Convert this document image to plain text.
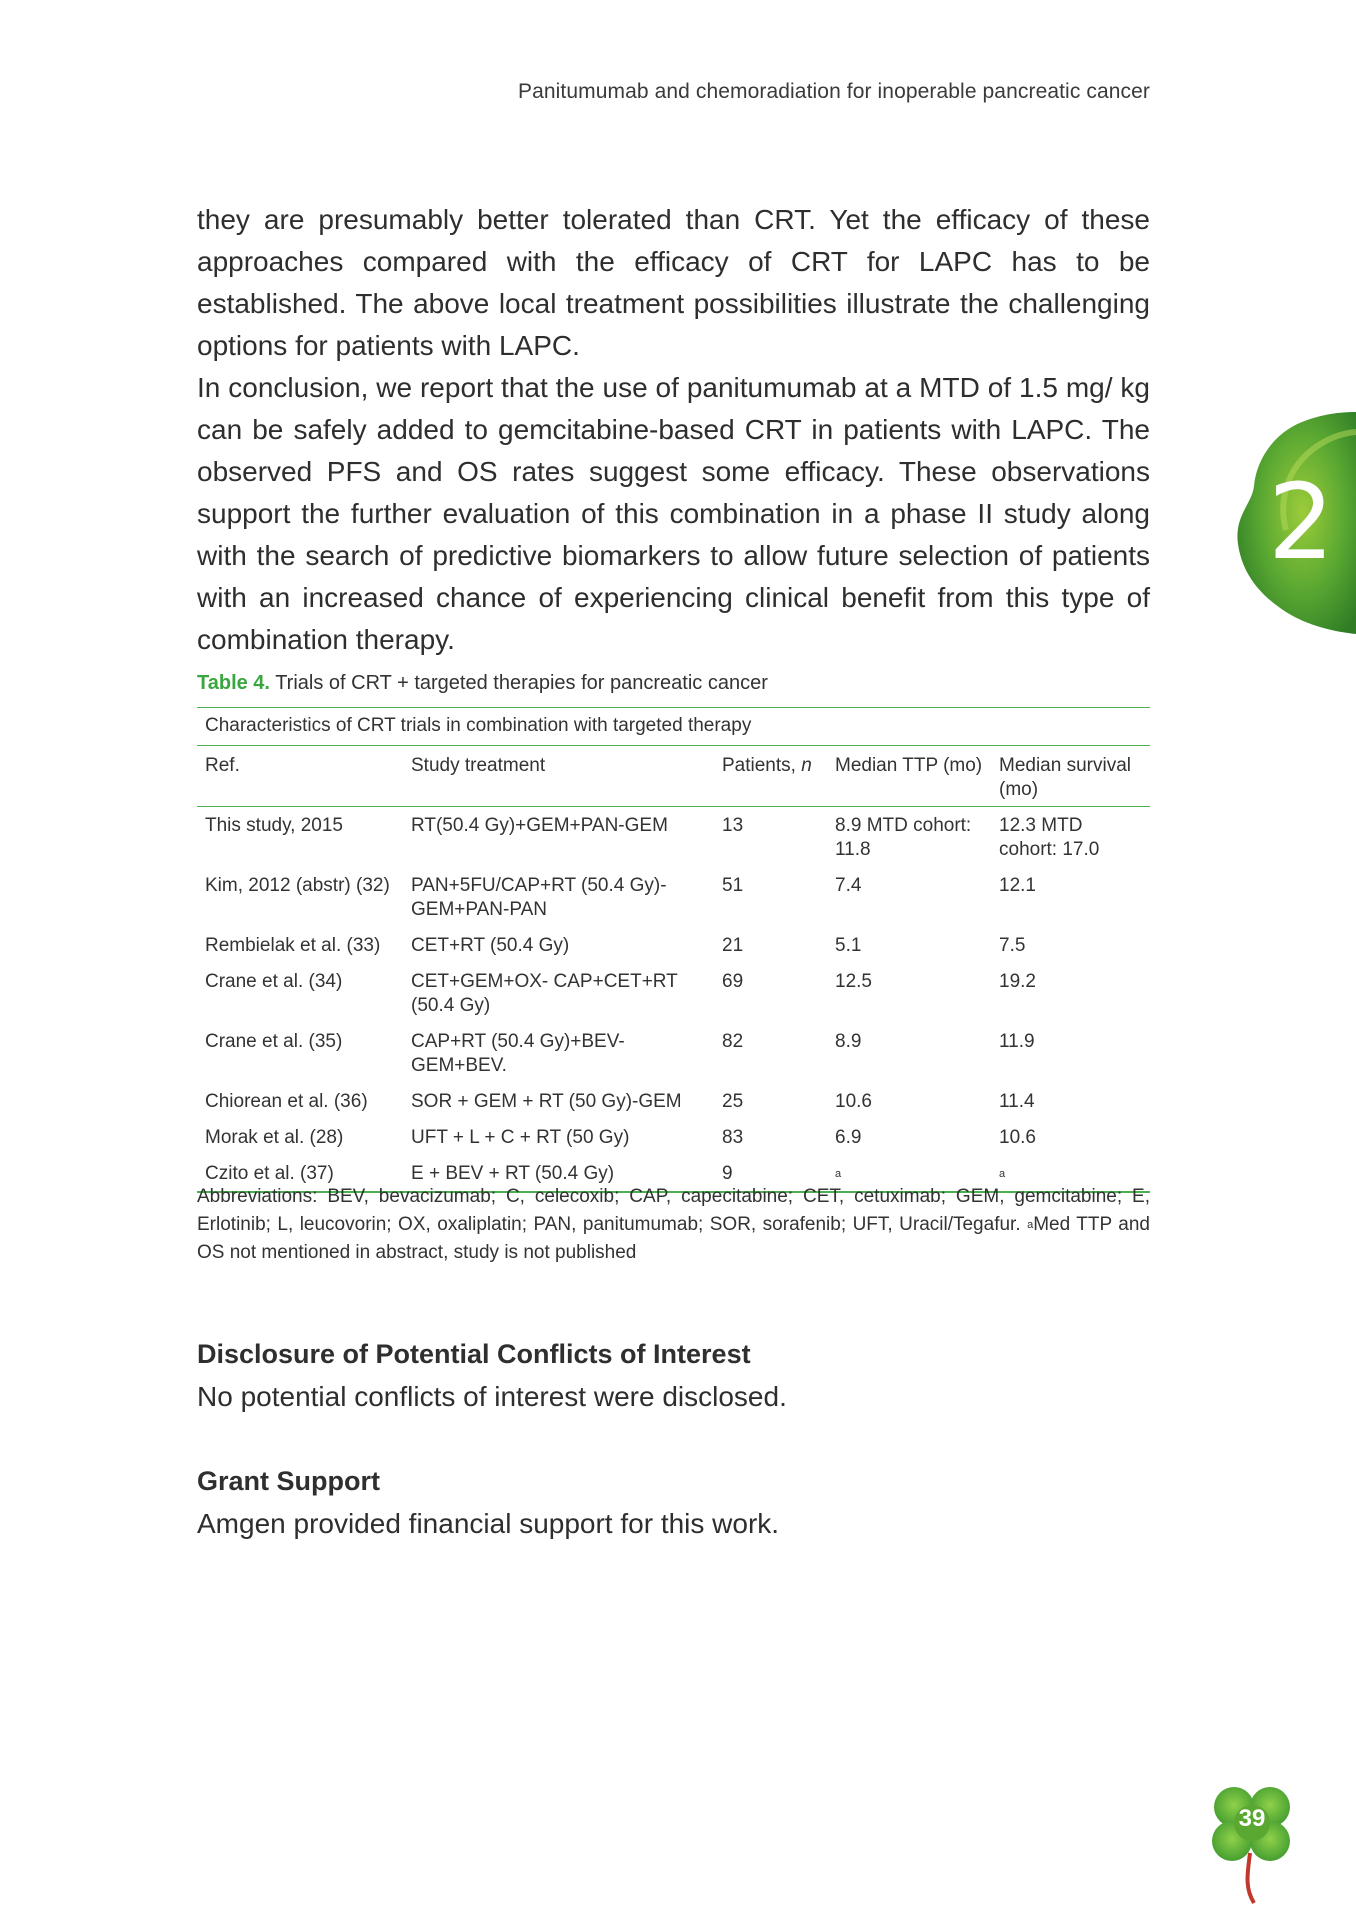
Panitumumab and chemoradiation for inoperable pancreatic cancer

they are presumably better tolerated than CRT. Yet the efficacy of these approaches compared with the efficacy of CRT for LAPC has to be established. The above local treatment possibilities illustrate the challenging options for patients with LAPC.

In conclusion, we report that the use of panitumumab at a MTD of 1.5 mg/ kg can be safely added to gemcitabine-based CRT in patients with LAPC. The observed PFS and OS rates suggest some efficacy. These observations support the further evaluation of this combination in a phase II study along with the search of predictive biomarkers to allow future selection of patients with an increased chance of experiencing clinical benefit from this type of combination therapy.

2
Table 4. Trials of CRT + targeted therapies for pancreatic cancer
Characteristics of CRT trials in combination with targeted therapy
Ref.	Study treatment	Patients, n	Median TTP (mo)	Median survival (mo)
This study, 2015	RT(50.4 Gy)+GEM+PAN-GEM	13	8.9 MTD cohort: 11.8	12.3 MTD cohort: 17.0
Kim, 2012 (abstr) (32)	PAN+5FU/CAP+RT (50.4 Gy)-GEM+PAN-PAN	51	7.4	12.1
Rembielak et al. (33)	CET+RT (50.4 Gy)	21	5.1	7.5
Crane et al. (34)	CET+GEM+OX- CAP+CET+RT (50.4 Gy)	69	12.5	19.2
Crane et al. (35)	CAP+RT (50.4 Gy)+BEV-GEM+BEV.	82	8.9	11.9
Chiorean et al. (36)	SOR + GEM + RT (50 Gy)-GEM	25	10.6	11.4
Morak et al. (28)	UFT + L + C + RT (50 Gy)	83	6.9	10.6
Czito et al. (37)	E + BEV + RT (50.4 Gy)	9	$^a$	$^a$

Abbreviations: BEV, bevacizumab; C, celecoxib; CAP, capecitabine; CET, cetuximab; GEM, gemcitabine; E, Erlotinib; L, leucovorin; OX, oxaliplatin; PAN, panitumumab; SOR, sorafenib; UFT, Uracil/Tegafur. $^a$Med TTP and OS not mentioned in abstract, study is not published

Disclosure of Potential Conflicts of Interest

No potential conflicts of interest were disclosed.

Grant Support

Amgen provided financial support for this work.

39
